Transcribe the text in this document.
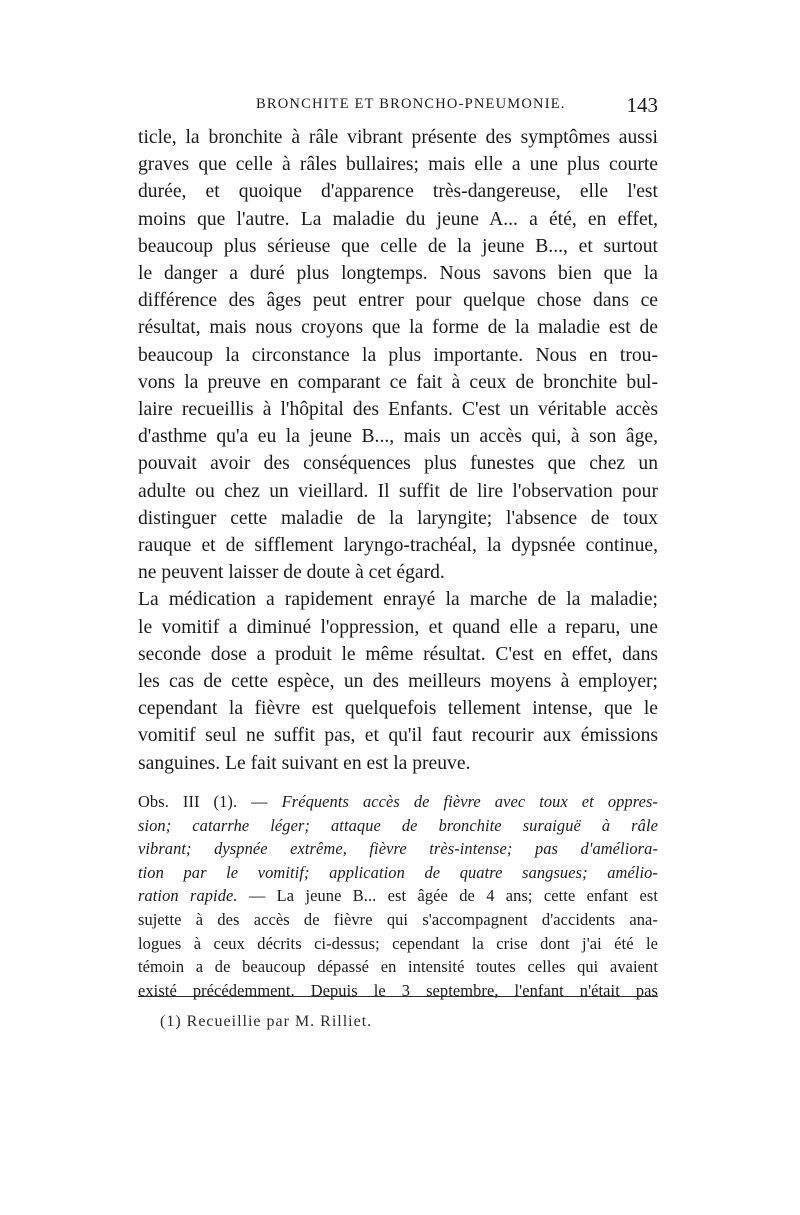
BRONCHITE ET BRONCHO-PNEUMONIE.	143

ticle, la bronchite à râle vibrant présente des symptômes aussi
graves que celle à râles bullaires; mais elle a une plus courte
durée, et quoique d'apparence très-dangereuse, elle l'est
moins que l'autre. La maladie du jeune A... a été, en effet,
beaucoup plus sérieuse que celle de la jeune B..., et surtout
le danger a duré plus longtemps. Nous savons bien que la
différence des âges peut entrer pour quelque chose dans ce
résultat, mais nous croyons que la forme de la maladie est de
beaucoup la circonstance la plus importante. Nous en trou-
vons la preuve en comparant ce fait à ceux de bronchite bul-
laire recueillis à l'hôpital des Enfants. C'est un véritable accès
d'asthme qu'a eu la jeune B..., mais un accès qui, à son âge,
pouvait avoir des conséquences plus funestes que chez un
adulte ou chez un vieillard. Il suffit de lire l'observation pour
distinguer cette maladie de la laryngite; l'absence de toux
rauque et de sifflement laryngo-trachéal, la dypsnée continue,
ne peuvent laisser de doute à cet égard.

La médication a rapidement enrayé la marche de la maladie;
le vomitif a diminué l'oppression, et quand elle a reparu, une
seconde dose a produit le même résultat. C'est en effet, dans
les cas de cette espèce, un des meilleurs moyens à employer;
cependant la fièvre est quelquefois tellement intense, que le
vomitif seul ne suffit pas, et qu'il faut recourir aux émissions
sanguines. Le fait suivant en est la preuve.

Obs. III (1). — Fréquents accès de fièvre avec toux et oppres-
sion; catarrhe léger; attaque de bronchite suraiguë à râle
vibrant; dyspnée extrême, fièvre très-intense; pas d'améliora-
tion par le vomitif; application de quatre sangsues; amélio-
ration rapide. — La jeune B... est âgée de 4 ans; cette enfant est
sujette à des accès de fièvre qui s'accompagnent d'accidents ana-
logues à ceux décrits ci-dessus; cependant la crise dont j'ai été le
témoin a de beaucoup dépassé en intensité toutes celles qui avaient
existé précédemment. Depuis le 3 septembre, l'enfant n'était pas
(1) Recueillie par M. Rilliet.
